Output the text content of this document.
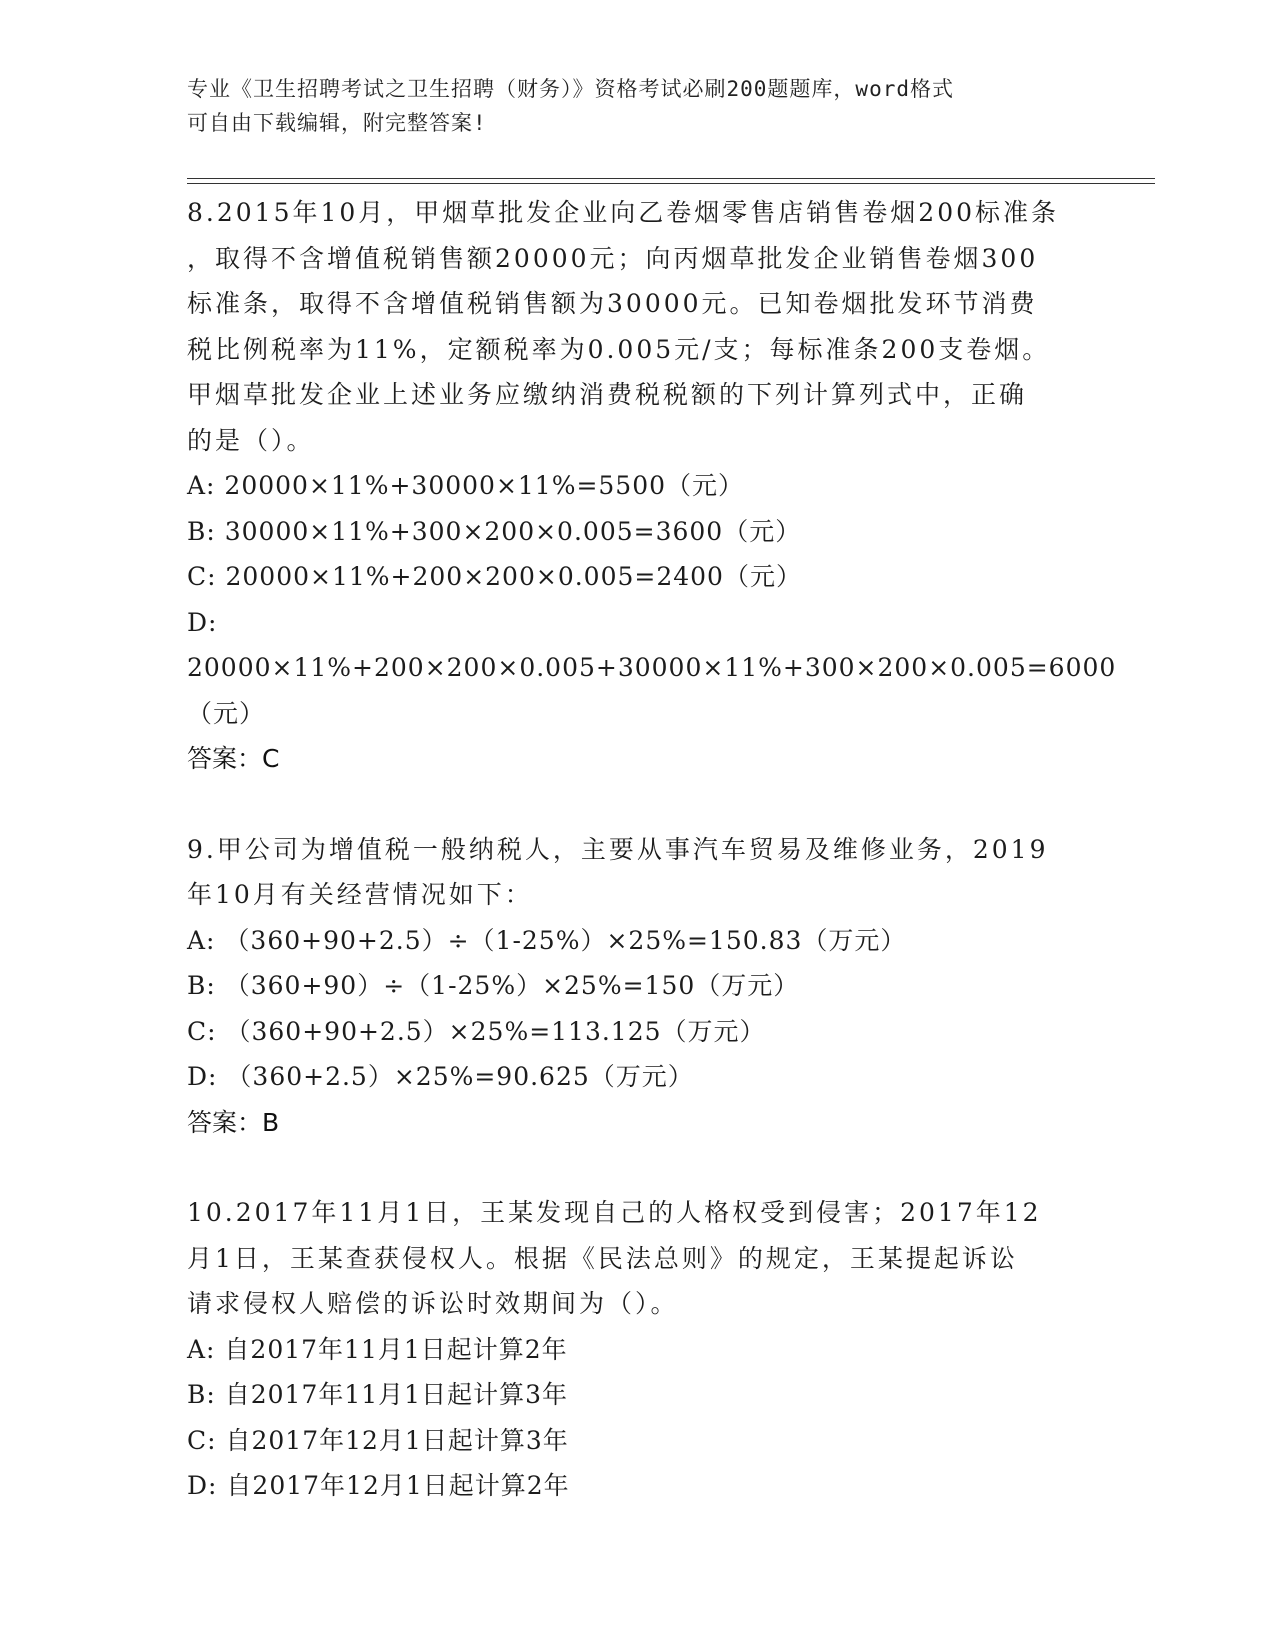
专业《卫生招聘考试之卫生招聘（财务）》资格考试必刷200题题库，word格式
可自由下载编辑，附完整答案!

8.2015年10月，甲烟草批发企业向乙卷烟零售店销售卷烟200标准条

，取得不含增值税销售额20000元；向丙烟草批发企业销售卷烟300

标准条，取得不含增值税销售额为30000元。已知卷烟批发环节消费

税比例税率为11%，定额税率为0.005元/支；每标准条200支卷烟。

甲烟草批发企业上述业务应缴纳消费税税额的下列计算列式中，正确

的是（）。

A: 20000×11%+30000×11%=5500（元）

B: 30000×11%+300×200×0.005=3600（元）

C: 20000×11%+200×200×0.005=2400（元）

D: 20000×11%+200×200×0.005+30000×11%+300×200×0.005=6000

（元）

答案：C

9.甲公司为增值税一般纳税人，主要从事汽车贸易及维修业务，2019

年10月有关经营情况如下：

A: （360+90+2.5）÷（1-25%）×25%=150.83（万元）

B: （360+90）÷（1-25%）×25%=150（万元）

C: （360+90+2.5）×25%=113.125（万元）

D: （360+2.5）×25%=90.625（万元）

答案：B

10.2017年11月1日，王某发现自己的人格权受到侵害；2017年12

月1日，王某查获侵权人。根据《民法总则》的规定，王某提起诉讼

请求侵权人赔偿的诉讼时效期间为（）。

A: 自2017年11月1日起计算2年

B: 自2017年11月1日起计算3年

C: 自2017年12月1日起计算3年

D: 自2017年12月1日起计算2年
